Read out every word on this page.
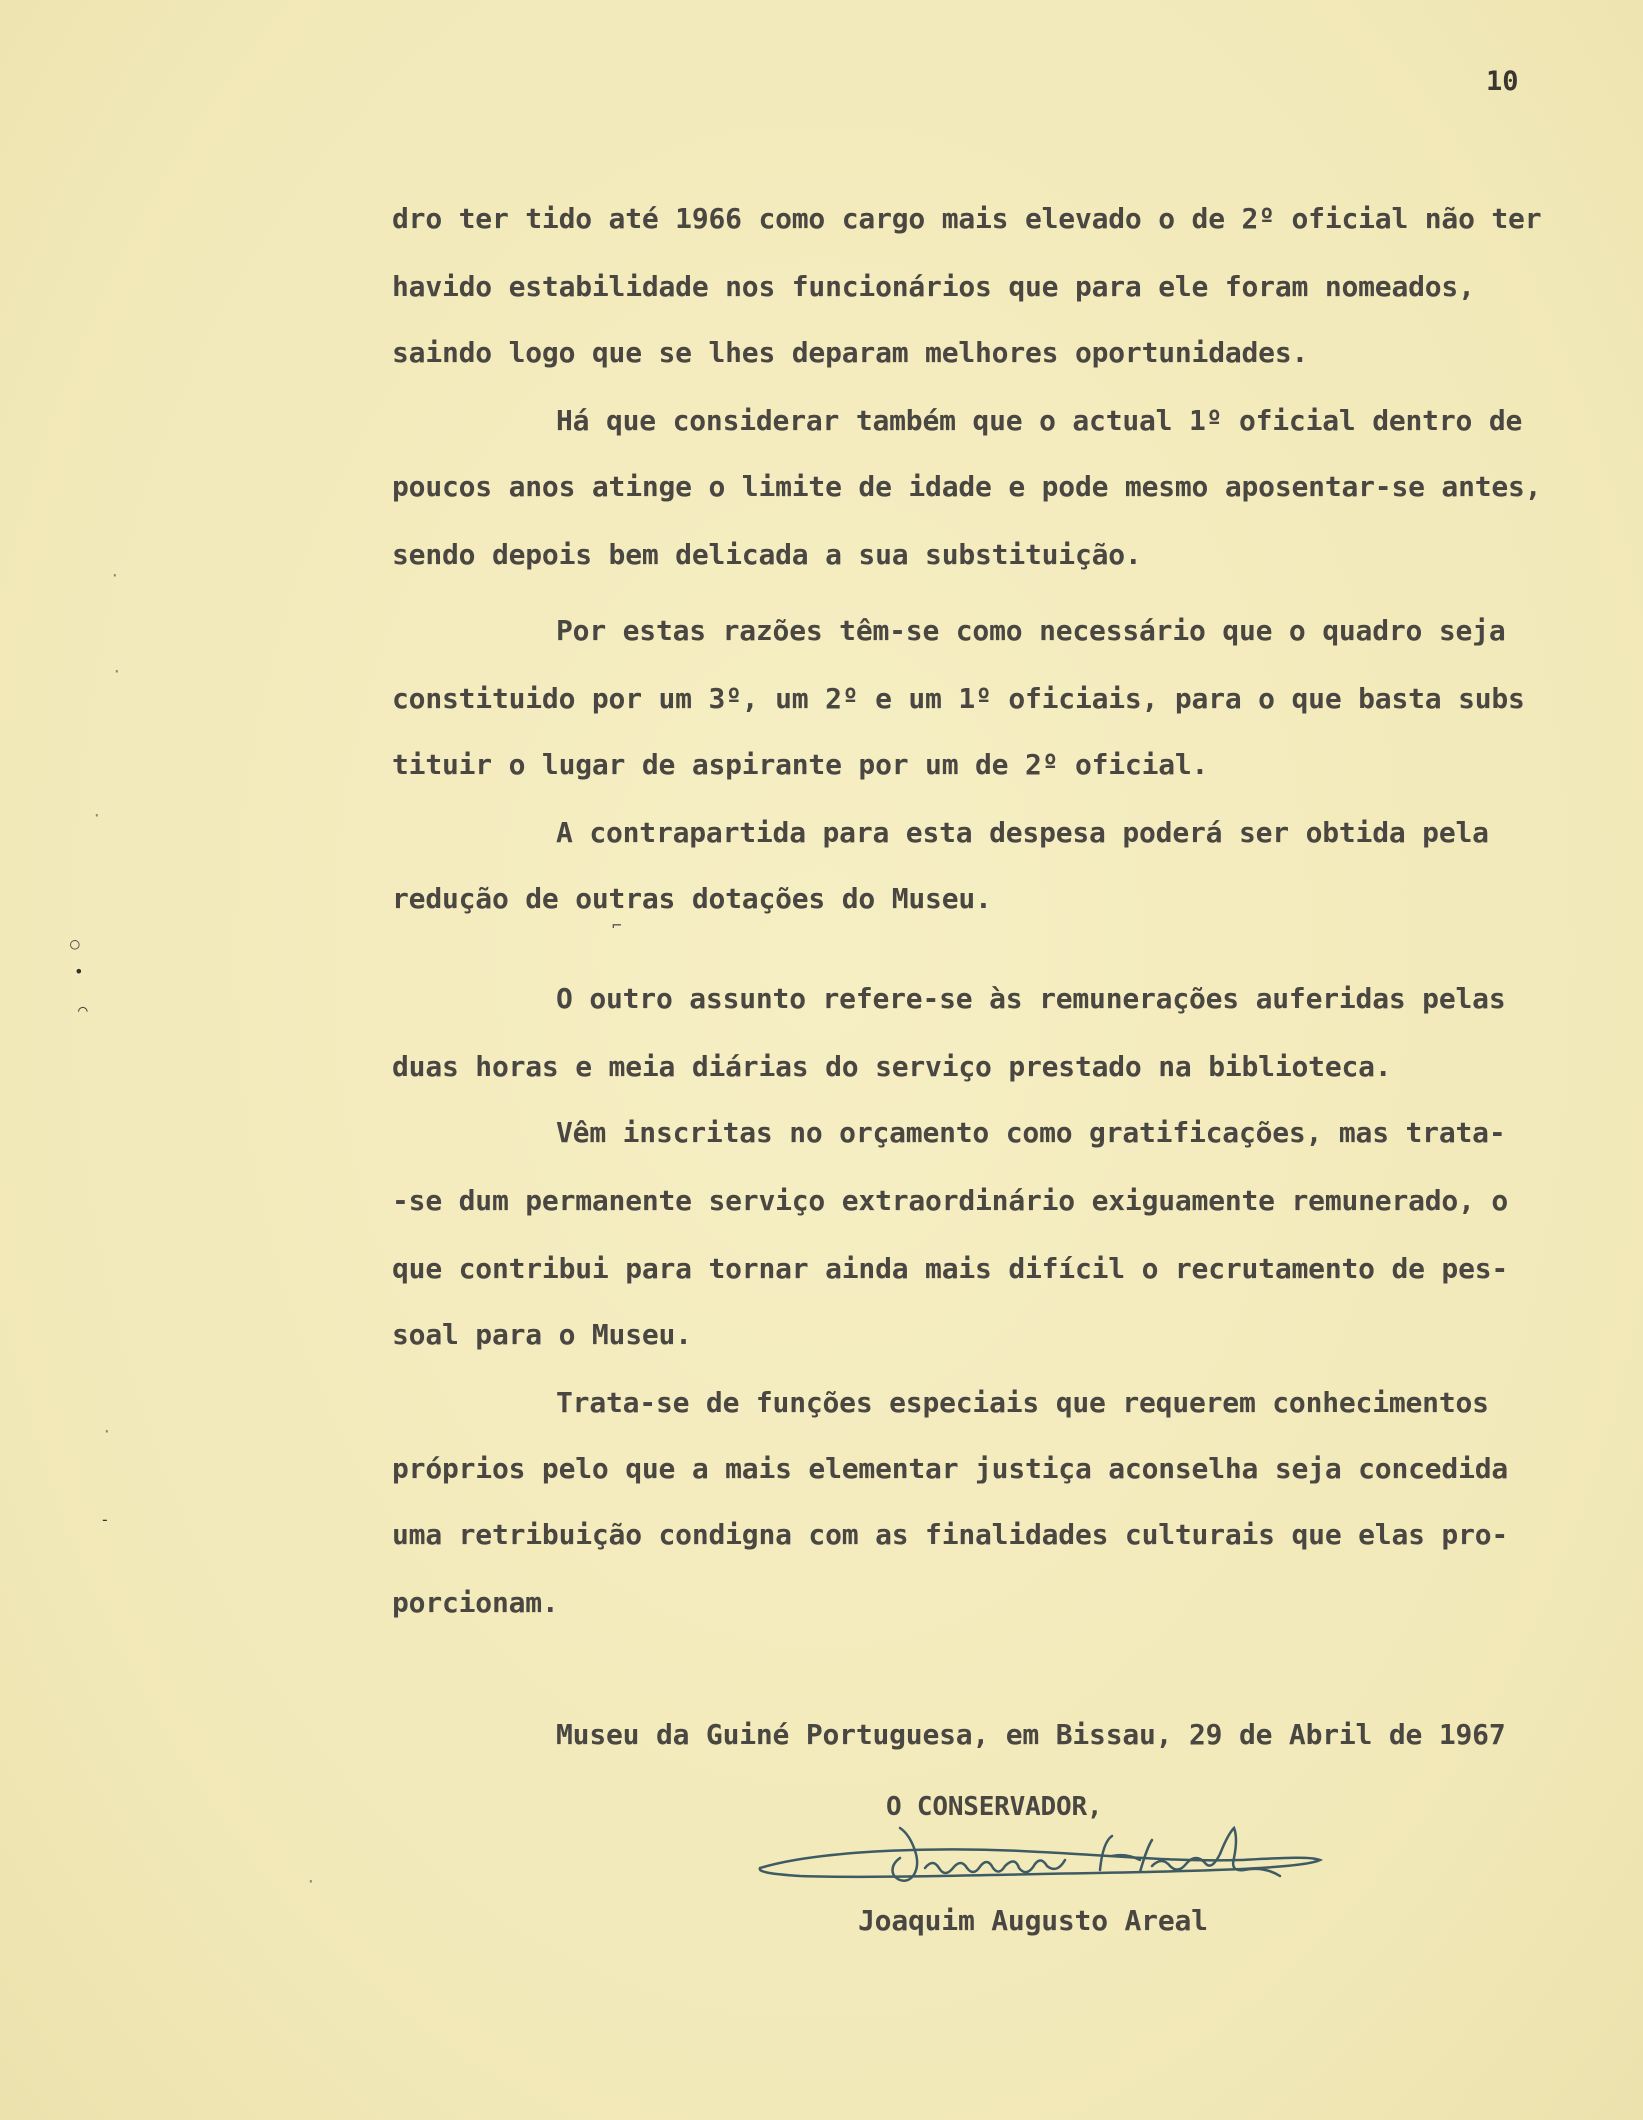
10
dro ter tido até 1966 como cargo mais elevado o de 2º oficial não ter
havido estabilidade nos funcionários que para ele foram nomeados,
saindo logo que se lhes deparam melhores oportunidades.
Há que considerar também que o actual 1º oficial dentro de
poucos anos atinge o limite de idade e pode mesmo aposentar-se antes,
sendo depois bem delicada a sua substituição.
Por estas razões têm-se como necessário que o quadro seja
constituido por um 3º, um 2º e um 1º oficiais, para o que basta subs
tituir o lugar de aspirante por um de 2º oficial.
A contrapartida para esta despesa poderá ser obtida pela
redução de outras dotações do Museu.
O outro assunto refere-se às remunerações auferidas pelas
duas horas e meia diárias do serviço prestado na biblioteca.
Vêm inscritas no orçamento como gratificações, mas trata-
-se dum permanente serviço extraordinário exiguamente remunerado, o
que contribui para tornar ainda mais difícil o recrutamento de pes-
soal para o Museu.
Trata-se de funções especiais que requerem conhecimentos
próprios pelo que a mais elementar justiça aconselha seja concedida
uma retribuição condigna com as finalidades culturais que elas pro-
porcionam.
Museu da Guiné Portuguesa, em Bissau, 29 de Abril de 1967
O CONSERVADOR,
Joaquim Augusto Areal
·
·
·
○
•
⌒
·
-
·
⌐
